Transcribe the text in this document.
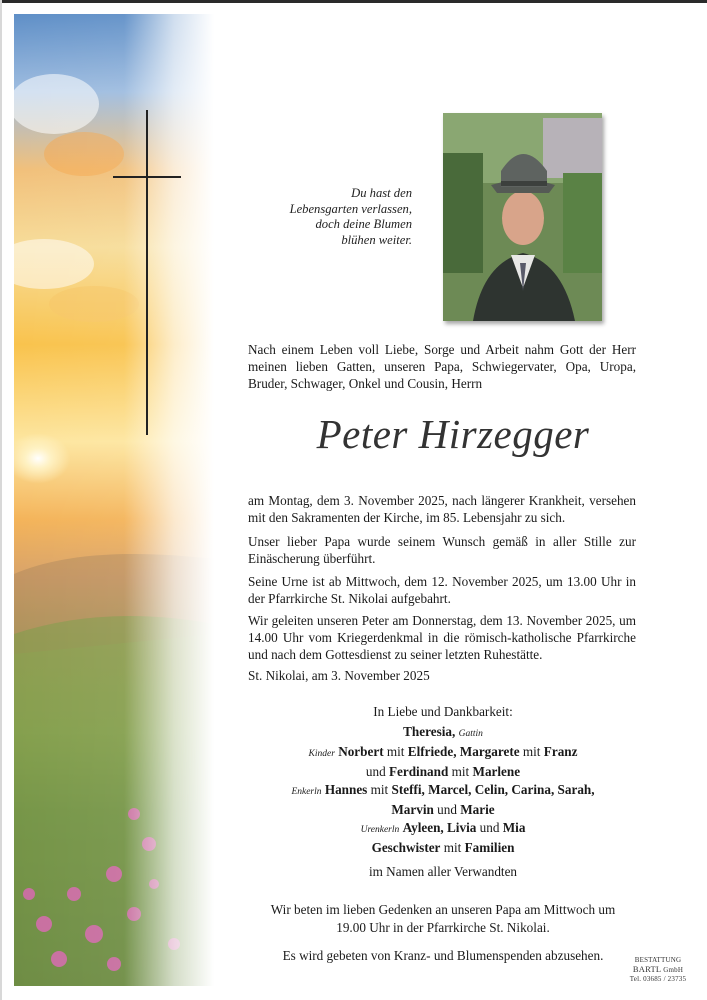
Du hast den
Lebensgarten verlassen,
doch deine Blumen
blühen weiter.

Nach einem Leben voll Liebe, Sorge und Arbeit nahm Gott der Herr meinen lieben Gatten, unseren Papa, Schwiegervater, Opa, Uropa, Bruder, Schwager, Onkel und Cousin, Herrn

Peter Hirzegger

am Montag, dem 3. November 2025, nach längerer Krankheit, versehen mit den Sakramenten der Kirche, im 85. Lebensjahr zu sich.

Unser lieber Papa wurde seinem Wunsch gemäß in aller Stille zur Einäscherung überführt.

Seine Urne ist ab Mittwoch, dem 12. November 2025, um 13.00 Uhr in der Pfarrkirche St. Nikolai aufgebahrt.

Wir geleiten unseren Peter am Donnerstag, dem 13. November 2025, um 14.00 Uhr vom Kriegerdenkmal in die römisch-katholische Pfarrkirche und nach dem Gottesdienst zu seiner letzten Ruhestätte.

St. Nikolai, am 3. November 2025

In Liebe und Dankbarkeit:
Theresia, Gattin
Kinder Norbert mit Elfriede, Margarete mit Franz
und Ferdinand mit Marlene
Enkerln Hannes mit Steffi, Marcel, Celin, Carina, Sarah,
Marvin und Marie
Urenkerln Ayleen, Livia und Mia
Geschwister mit Familien
im Namen aller Verwandten
Wir beten im lieben Gedenken an unseren Papa am Mittwoch um
19.00 Uhr in der Pfarrkirche St. Nikolai.
Es wird gebeten von Kranz- und Blumenspenden abzusehen.	BESTATTUNG
BARTL GmbH
Tel. 03685 / 23735
